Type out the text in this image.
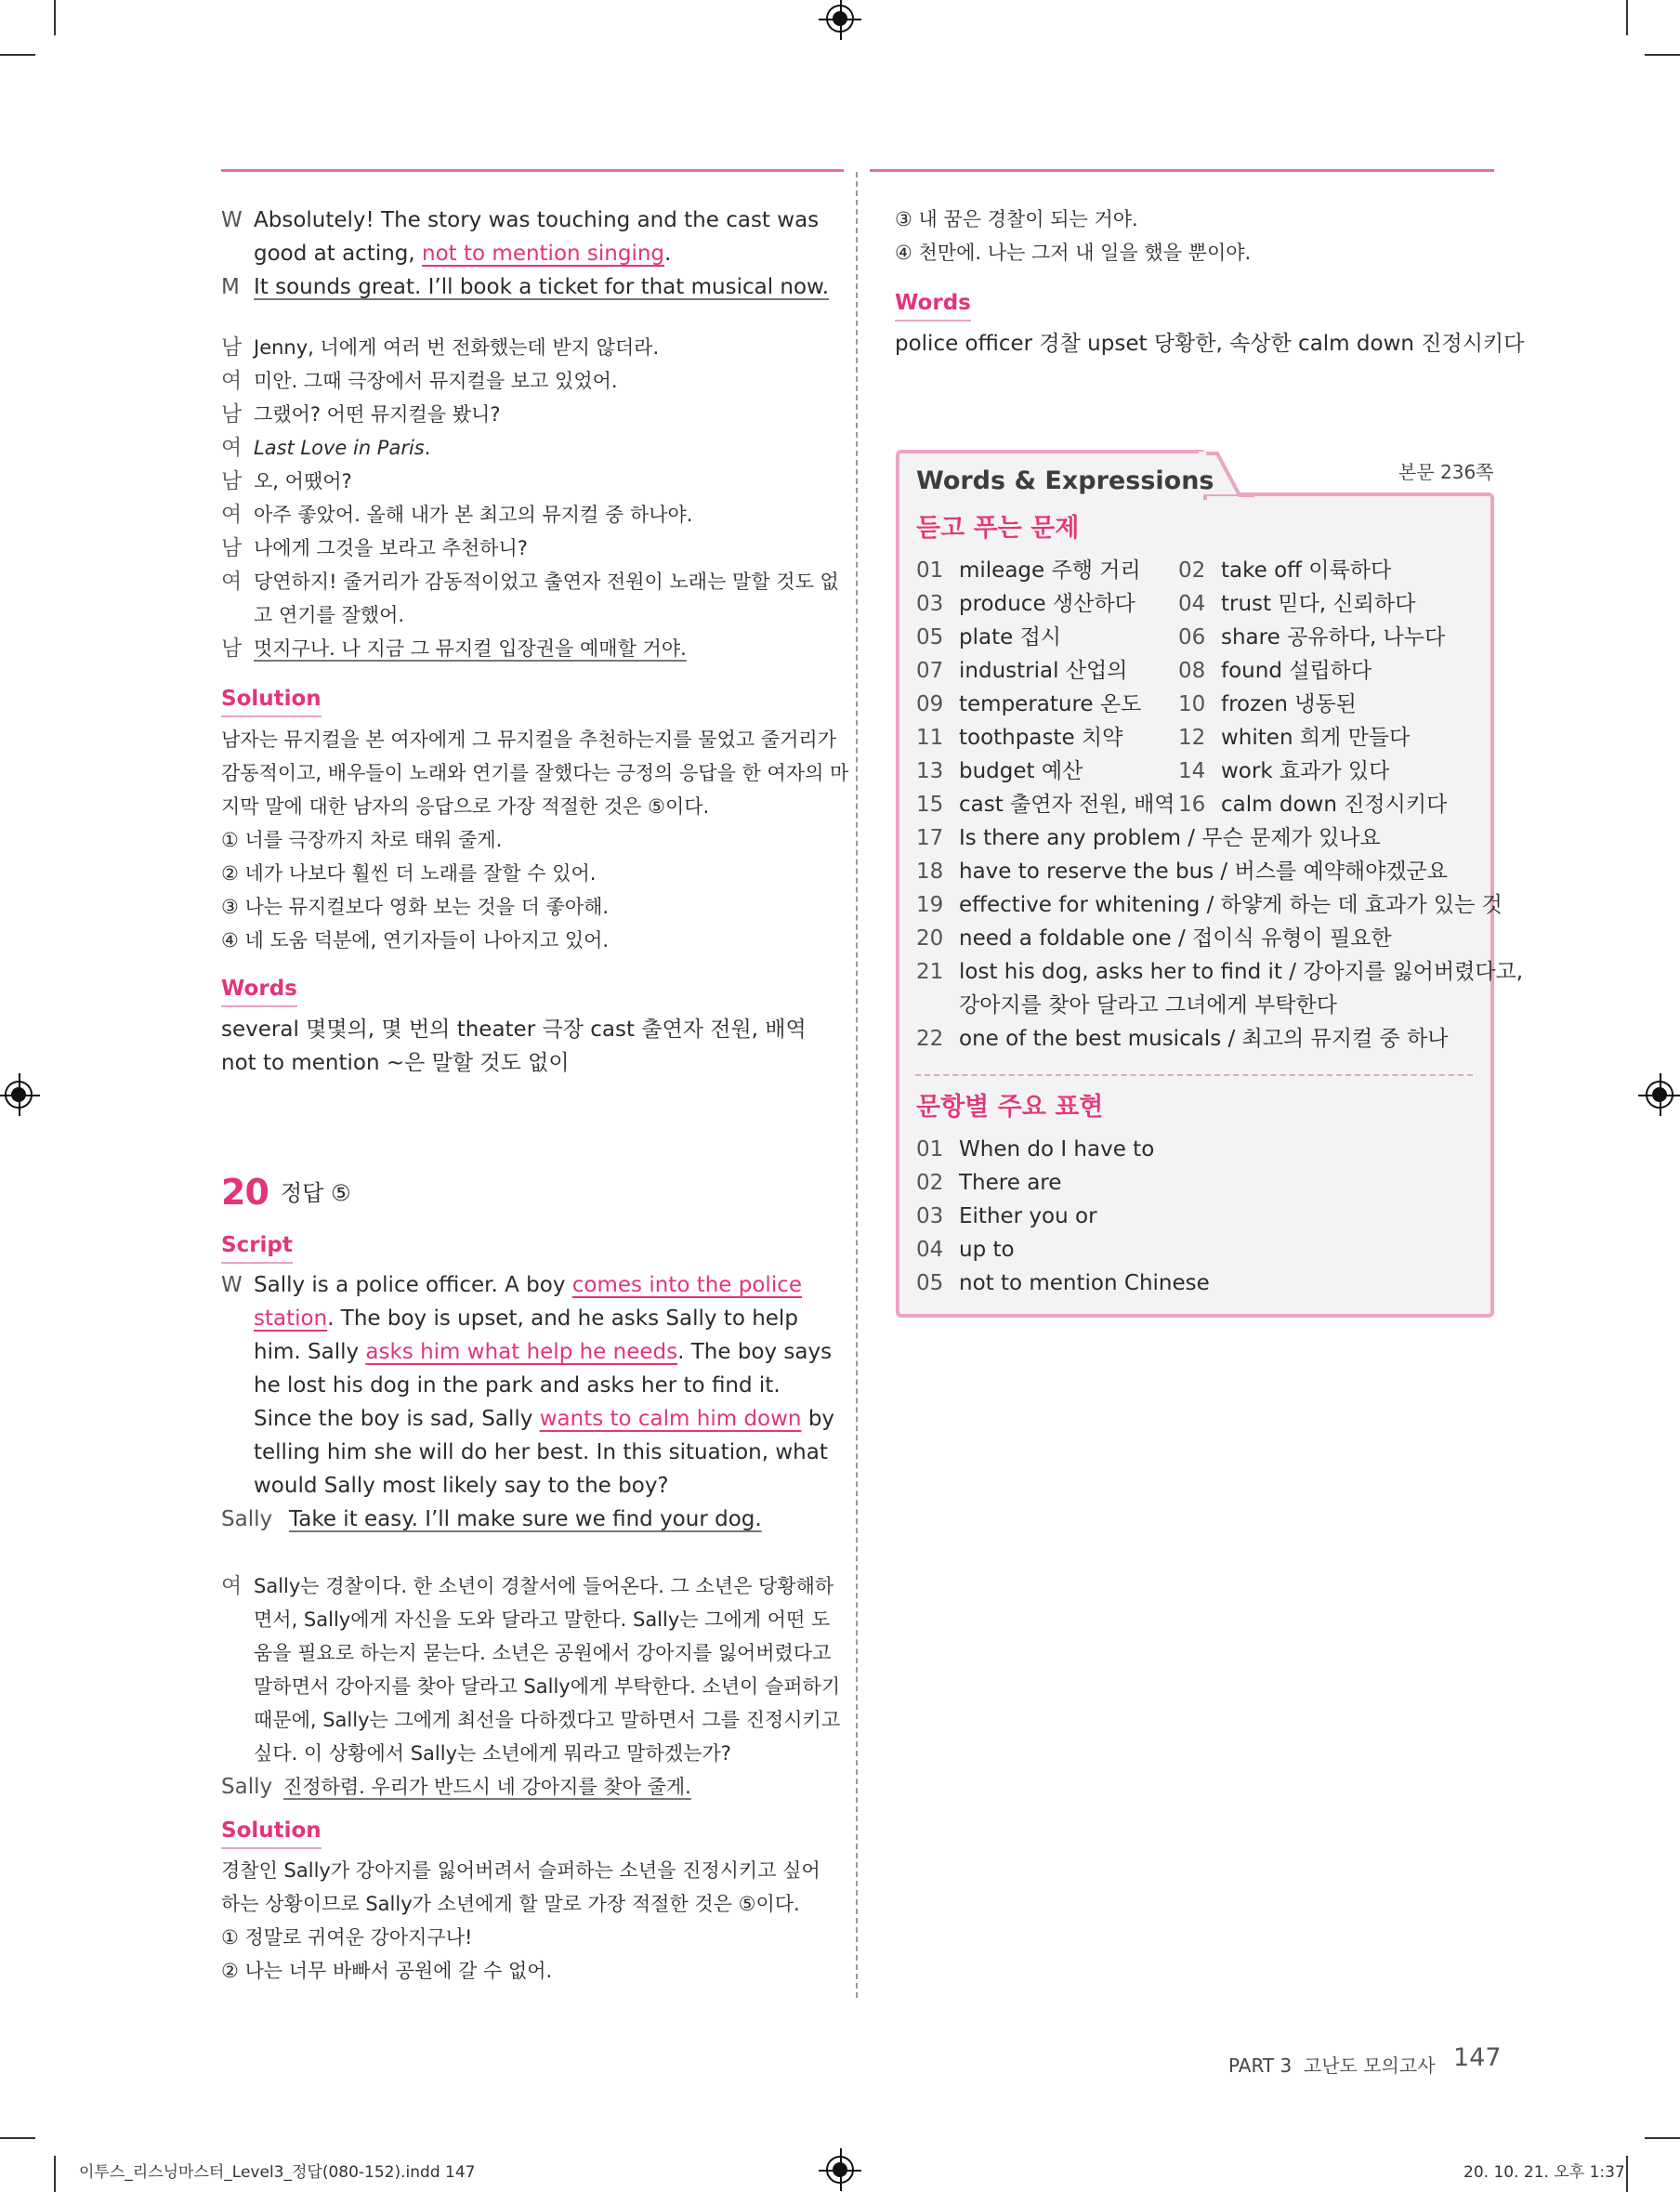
W Absolutely! The story was touching and the cast was
good at acting, not to mention singing.
M It sounds great. I’ll book a ticket for that musical now.
남 Jenny, 너에게 여러 번 전화했는데 받지 않더라.
여 미안. 그때 극장에서 뮤지컬을 보고 있었어.
남 그랬어? 어떤 뮤지컬을 봤니?
여 Last Love in Paris.
남 오, 어땠어?
여 아주 좋았어. 올해 내가 본 최고의 뮤지컬 중 하나야.
남 나에게 그것을 보라고 추천하니?
여 당연하지! 줄거리가 감동적이었고 출연자 전원이 노래는 말할 것도 없
고 연기를 잘했어.
남 멋지구나. 나 지금 그 뮤지컬 입장권을 예매할 거야.
Solution
남자는 뮤지컬을 본 여자에게 그 뮤지컬을 추천하는지를 물었고 줄거리가
감동적이고, 배우들이 노래와 연기를 잘했다는 긍정의 응답을 한 여자의 마
지막 말에 대한 남자의 응답으로 가장 적절한 것은 ⑤이다.
① 너를 극장까지 차로 태워 줄게.
② 네가 나보다 훨씬 더 노래를 잘할 수 있어.
③ 나는 뮤지컬보다 영화 보는 것을 더 좋아해.
④ 네 도움 덕분에, 연기자들이 나아지고 있어.
Words
several 몇몇의, 몇 번의 theater 극장 cast 출연자 전원, 배역
not to mention ~은 말할 것도 없이
20 정답 ⑤
Script
W Sally is a police officer. A boy comes into the police
station. The boy is upset, and he asks Sally to help
him. Sally asks him what help he needs. The boy says
he lost his dog in the park and asks her to find it.
Since the boy is sad, Sally wants to calm him down by
telling him she will do her best. In this situation, what
would Sally most likely say to the boy?
Sally Take it easy. I’ll make sure we find your dog.
여 Sally는 경찰이다. 한 소년이 경찰서에 들어온다. 그 소년은 당황해하
면서, Sally에게 자신을 도와 달라고 말한다. Sally는 그에게 어떤 도
움을 필요로 하는지 묻는다. 소년은 공원에서 강아지를 잃어버렸다고
말하면서 강아지를 찾아 달라고 Sally에게 부탁한다. 소년이 슬퍼하기
때문에, Sally는 그에게 최선을 다하겠다고 말하면서 그를 진정시키고
싶다. 이 상황에서 Sally는 소년에게 뭐라고 말하겠는가?
Sally 진정하렴. 우리가 반드시 네 강아지를 찾아 줄게.
Solution
경찰인 Sally가 강아지를 잃어버려서 슬퍼하는 소년을 진정시키고 싶어
하는 상황이므로 Sally가 소년에게 할 말로 가장 적절한 것은 ⑤이다.
① 정말로 귀여운 강아지구나!
② 나는 너무 바빠서 공원에 갈 수 없어.
③ 내 꿈은 경찰이 되는 거야.
④ 천만에. 나는 그저 내 일을 했을 뿐이야.
Words
police officer 경찰 upset 당황한, 속상한 calm down 진정시키다
Words & Expressions	본문 236쪽
듣고 푸는 문제
01 mileage 주행 거리 02 take off 이륙하다
03 produce 생산하다 04 trust 믿다, 신뢰하다
05 plate 접시	06 share 공유하다, 나누다
07 industrial 산업의 08 found 설립하다
09 temperature 온도 10 frozen 냉동된
11 toothpaste 치약	12 whiten 희게 만들다
13 budget 예산	14 work 효과가 있다
15 cast 출연자 전원, 배역 16 calm down 진정시키다
17 Is there any problem / 무슨 문제가 있나요
18 have to reserve the bus / 버스를 예약해야겠군요
19 effective for whitening / 하얗게 하는 데 효과가 있는 것
20 need a foldable one / 접이식 유형이 필요한
21 lost his dog, asks her to find it / 강아지를 잃어버렸다고,
강아지를 찾아 달라고 그녀에게 부탁한다
22 one of the best musicals / 최고의 뮤지컬 중 하나
문항별 주요 표현
01 When do I have to
02 There are
03 Either you or
04 up to
05 not to mention Chinese
PART 3 고난도 모의고사 147
이투스_리스닝마스터_Level3_정답(080-152).indd 147	20. 10. 21. 오후 1:37
